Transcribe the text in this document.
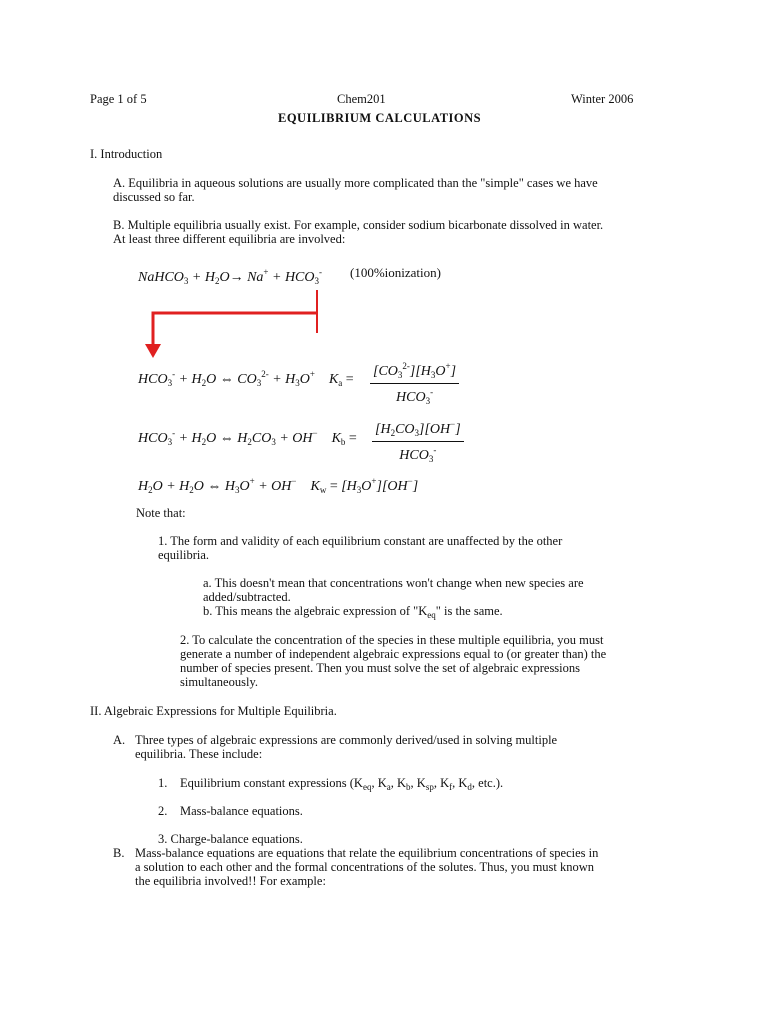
Page 1 of 5	Chem201	Winter 2006
EQUILIBRIUM CALCULATIONS
I. Introduction
A. Equilibria in aqueous solutions are usually more complicated than the "simple" cases we have
discussed so far.
B. Multiple equilibria usually exist. For example, consider sodium bicarbonate dissolved in water.
At least three different equilibria are involved:
NaHCO$_3$ + $H_2O\to Na^+ + HCO_3^-$ (100%ionization)
$HCO_3^- + H_2O$ ⇔ $CO_3^{2-} + H_3O^+$    $K_a$ =
$[CO_3^{2-}][H_3O^+]$
$HCO_3^-$
$HCO_3^- + H_2O$ ⇔ $H_2CO_3 + OH^-$    $K_b$ =
$[H_2CO_3][OH^-]$
$HCO_3^-$
$H_2O + H_2O$ ⇔ $H_3O^+ + OH^-$    $K_w = [H_3O^+][OH^-]$
Note that:
1. The form and validity of each equilibrium constant are unaffected by the other
equilibria.
a. This doesn't mean that concentrations won't change when new species are
added/subtracted.
b. This means the algebraic expression of "$K_{eq}$" is the same.
2. To calculate the concentration of the species in these multiple equilibria, you must
generate a number of independent algebraic expressions equal to (or greater than) the
number of species present. Then you must solve the set of algebraic expressions
simultaneously.
II. Algebraic Expressions for Multiple Equilibria.
A. Three types of algebraic expressions are commonly derived/used in solving multiple
equilibria. These include:
1. Equilibrium constant expressions ($K_{eq}$, $K_a$, $K_b$, $K_{sp}$, $K_f$, $K_d$, etc.).
2. Mass-balance equations.
3. Charge-balance equations.
B. Mass-balance equations are equations that relate the equilibrium concentrations of species in
a solution to each other and the formal concentrations of the solutes. Thus, you must known
the equilibria involved!! For example:
